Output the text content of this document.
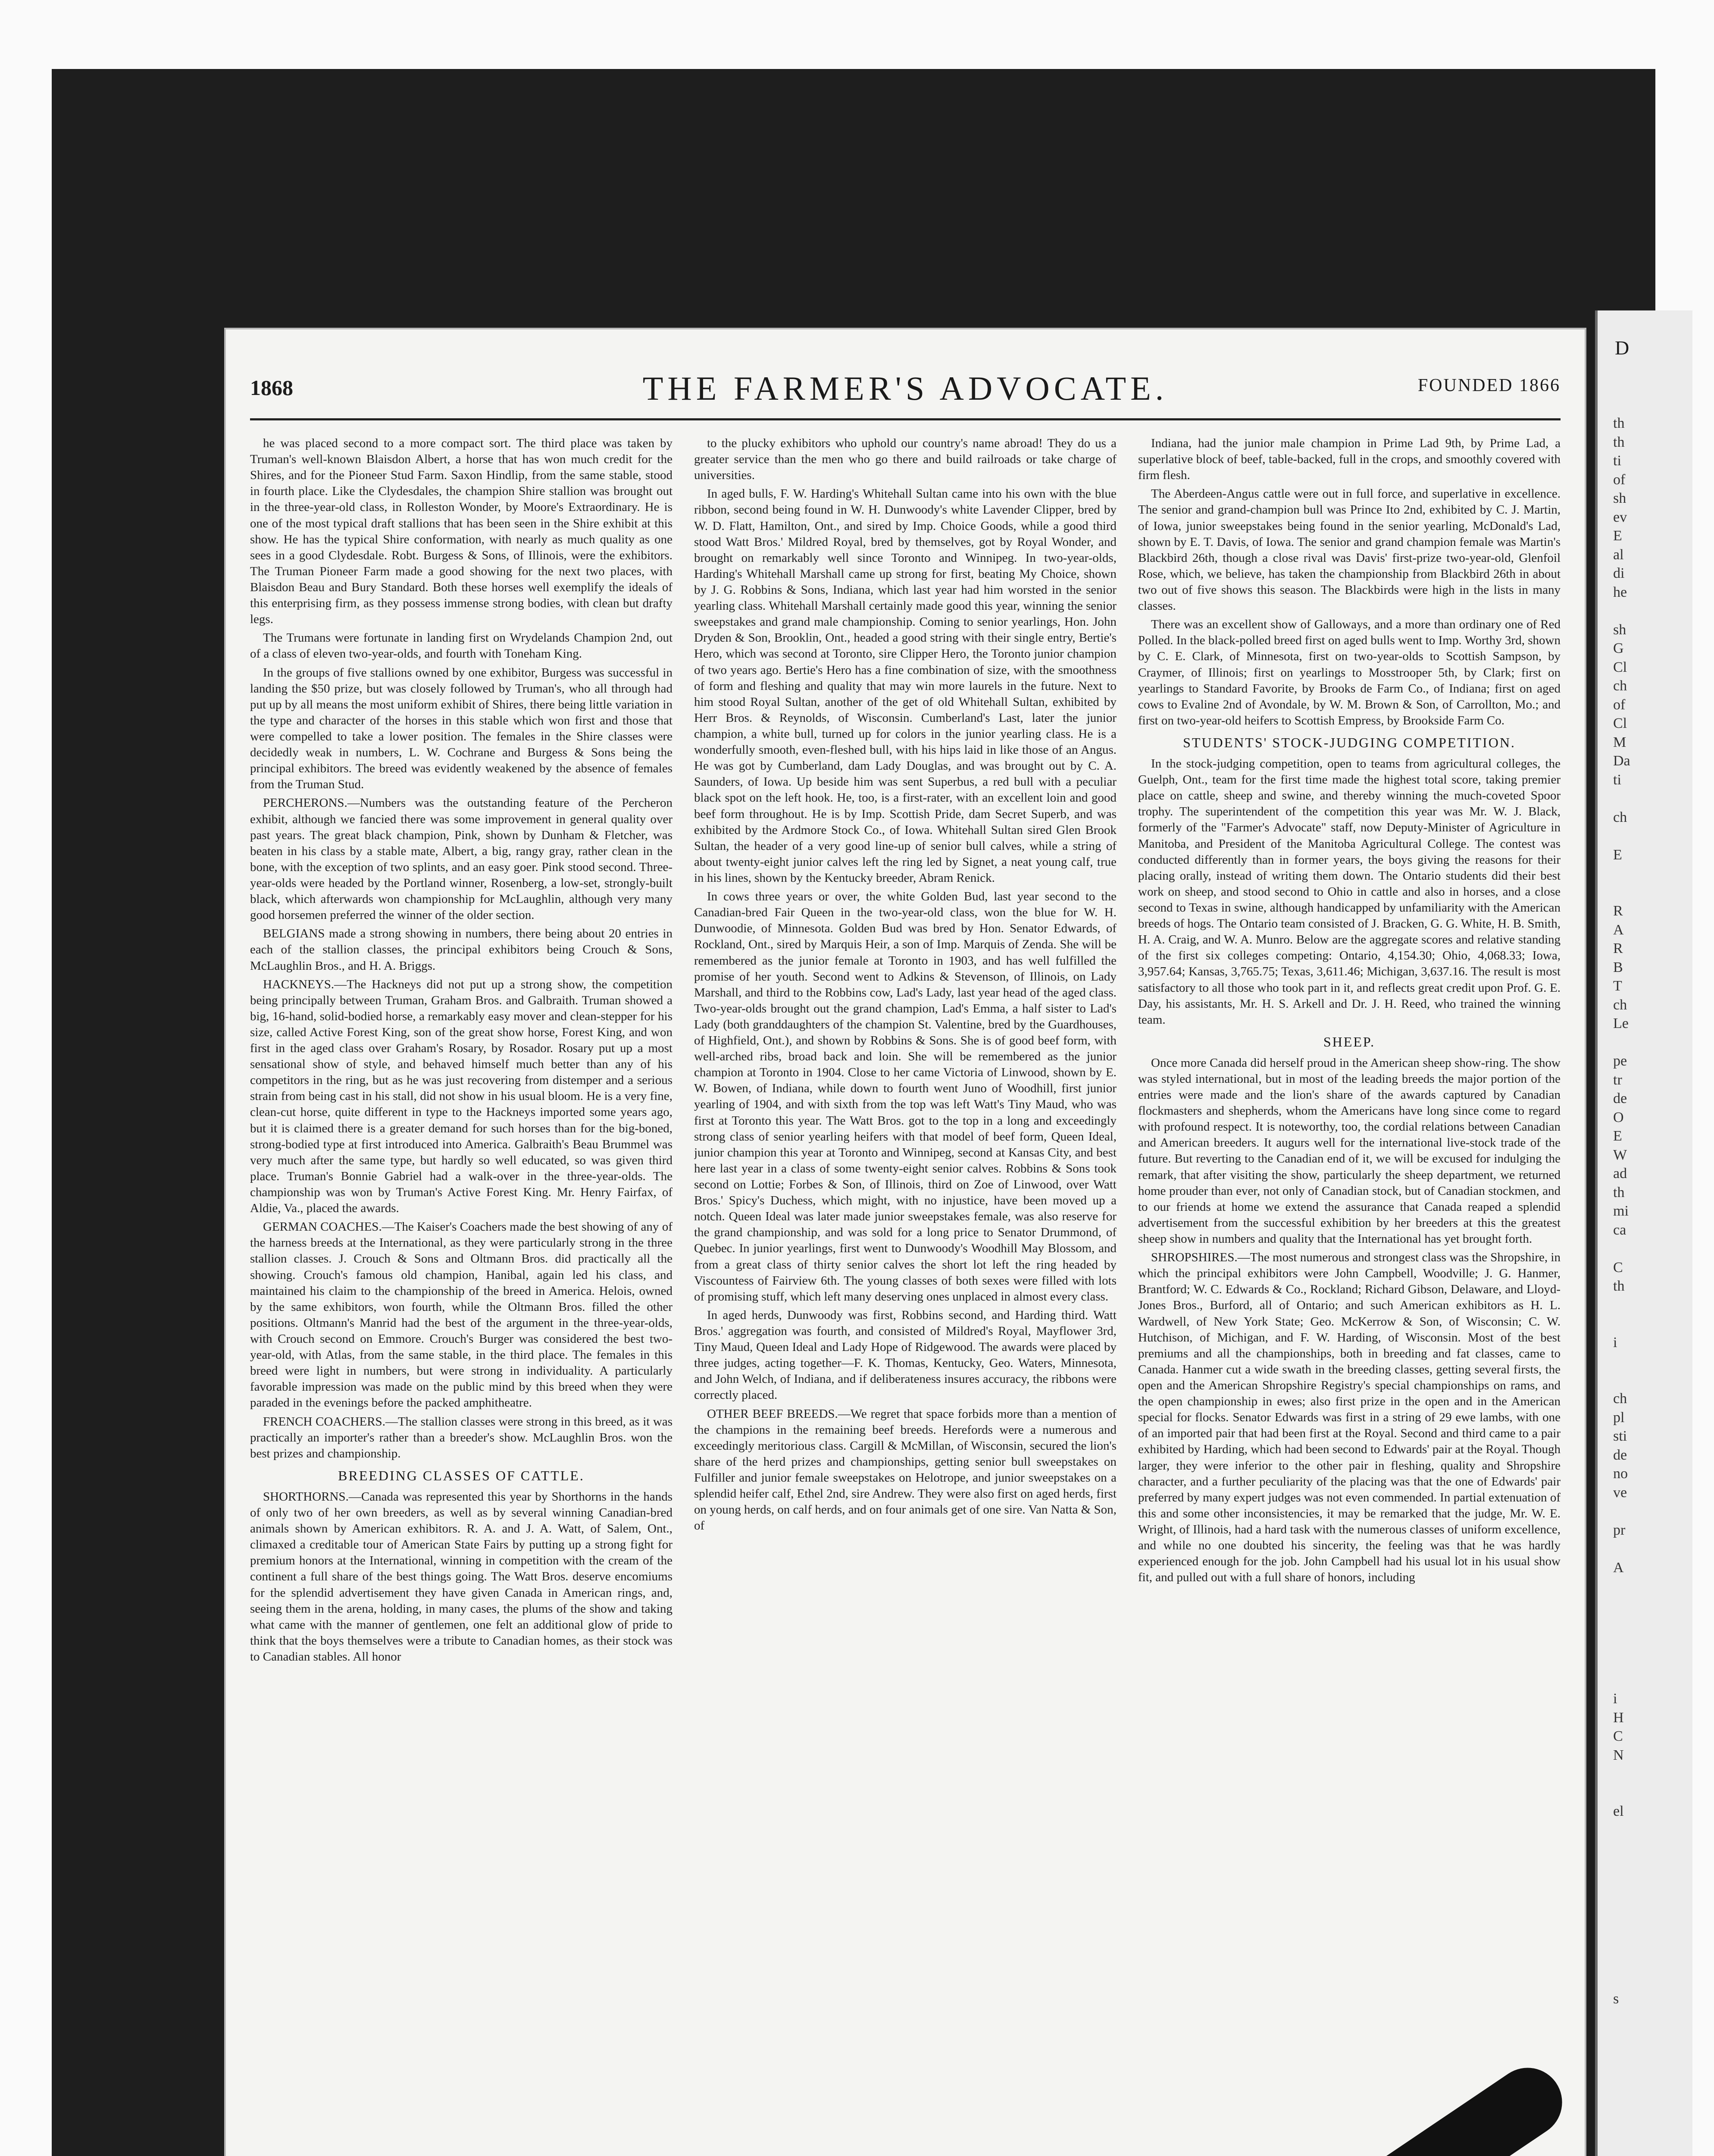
D
th
th
ti
of
sh
ev
E
al
di
he
sh
G
Cl
ch
of
Cl
M
Da
ti
ch
E
R
A
R
B
T
ch
Le
pe
tr
de
O
E
W
ad
th
mi
ca
C
th
i
ch
pl
sti
de
no
ve
pr
A
i
H
C
N
el
s
1868	THE FARMER'S ADVOCATE.	FOUNDED 1866

he was placed second to a more compact sort. The third place was taken by Truman's well-known Blaisdon Albert, a horse that has won much credit for the Shires, and for the Pioneer Stud Farm. Saxon Hindlip, from the same stable, stood in fourth place. Like the Clydesdales, the champion Shire stallion was brought out in the three-year-old class, in Rolleston Wonder, by Moore's Extraordinary. He is one of the most typical draft stallions that has been seen in the Shire exhibit at this show. He has the typical Shire conformation, with nearly as much quality as one sees in a good Clydesdale. Robt. Burgess & Sons, of Illinois, were the exhibitors. The Truman Pioneer Farm made a good showing for the next two places, with Blaisdon Beau and Bury Standard. Both these horses well exemplify the ideals of this enterprising firm, as they possess immense strong bodies, with clean but drafty legs.

The Trumans were fortunate in landing first on Wrydelands Champion 2nd, out of a class of eleven two-year-olds, and fourth with Toneham King.

In the groups of five stallions owned by one exhibitor, Burgess was successful in landing the $50 prize, but was closely followed by Truman's, who all through had put up by all means the most uniform exhibit of Shires, there being little variation in the type and character of the horses in this stable which won first and those that were compelled to take a lower position. The females in the Shire classes were decidedly weak in numbers, L. W. Cochrane and Burgess & Sons being the principal exhibitors. The breed was evidently weakened by the absence of females from the Truman Stud.

PERCHERONS.—Numbers was the outstanding feature of the Percheron exhibit, although we fancied there was some improvement in general quality over past years. The great black champion, Pink, shown by Dunham & Fletcher, was beaten in his class by a stable mate, Albert, a big, rangy gray, rather clean in the bone, with the exception of two splints, and an easy goer. Pink stood second. Three-year-olds were headed by the Portland winner, Rosenberg, a low-set, strongly-built black, which afterwards won championship for McLaughlin, although very many good horsemen preferred the winner of the older section.

BELGIANS made a strong showing in numbers, there being about 20 entries in each of the stallion classes, the principal exhibitors being Crouch & Sons, McLaughlin Bros., and H. A. Briggs.

HACKNEYS.—The Hackneys did not put up a strong show, the competition being principally between Truman, Graham Bros. and Galbraith. Truman showed a big, 16-hand, solid-bodied horse, a remarkably easy mover and clean-stepper for his size, called Active Forest King, son of the great show horse, Forest King, and won first in the aged class over Graham's Rosary, by Rosador. Rosary put up a most sensational show of style, and behaved himself much better than any of his competitors in the ring, but as he was just recovering from distemper and a serious strain from being cast in his stall, did not show in his usual bloom. He is a very fine, clean-cut horse, quite different in type to the Hackneys imported some years ago, but it is claimed there is a greater demand for such horses than for the big-boned, strong-bodied type at first introduced into America. Galbraith's Beau Brummel was very much after the same type, but hardly so well educated, so was given third place. Truman's Bonnie Gabriel had a walk-over in the three-year-olds. The championship was won by Truman's Active Forest King. Mr. Henry Fairfax, of Aldie, Va., placed the awards.

GERMAN COACHES.—The Kaiser's Coachers made the best showing of any of the harness breeds at the International, as they were particularly strong in the three stallion classes. J. Crouch & Sons and Oltmann Bros. did practically all the showing. Crouch's famous old champion, Hanibal, again led his class, and maintained his claim to the championship of the breed in America. Helois, owned by the same exhibitors, won fourth, while the Oltmann Bros. filled the other positions. Oltmann's Manrid had the best of the argument in the three-year-olds, with Crouch second on Emmore. Crouch's Burger was considered the best two-year-old, with Atlas, from the same stable, in the third place. The females in this breed were light in numbers, but were strong in individuality. A particularly favorable impression was made on the public mind by this breed when they were paraded in the evenings before the packed amphitheatre.

FRENCH COACHERS.—The stallion classes were strong in this breed, as it was practically an importer's rather than a breeder's show. McLaughlin Bros. won the best prizes and championship.

BREEDING CLASSES OF CATTLE.

SHORTHORNS.—Canada was represented this year by Shorthorns in the hands of only two of her own breeders, as well as by several winning Canadian-bred animals shown by American exhibitors. R. A. and J. A. Watt, of Salem, Ont., climaxed a creditable tour of American State Fairs by putting up a strong fight for premium honors at the International, winning in competition with the cream of the continent a full share of the best things going. The Watt Bros. deserve encomiums for the splendid advertisement they have given Canada in American rings, and, seeing them in the arena, holding, in many cases, the plums of the show and taking what came with the manner of gentlemen, one felt an additional glow of pride to think that the boys themselves were a tribute to Canadian homes, as their stock was to Canadian stables. All honor

to the plucky exhibitors who uphold our country's name abroad! They do us a greater service than the men who go there and build railroads or take charge of universities.

In aged bulls, F. W. Harding's Whitehall Sultan came into his own with the blue ribbon, second being found in W. H. Dunwoody's white Lavender Clipper, bred by W. D. Flatt, Hamilton, Ont., and sired by Imp. Choice Goods, while a good third stood Watt Bros.' Mildred Royal, bred by themselves, got by Royal Wonder, and brought on remarkably well since Toronto and Winnipeg. In two-year-olds, Harding's Whitehall Marshall came up strong for first, beating My Choice, shown by J. G. Robbins & Sons, Indiana, which last year had him worsted in the senior yearling class. Whitehall Marshall certainly made good this year, winning the senior sweepstakes and grand male championship. Coming to senior yearlings, Hon. John Dryden & Son, Brooklin, Ont., headed a good string with their single entry, Bertie's Hero, which was second at Toronto, sire Clipper Hero, the Toronto junior champion of two years ago. Bertie's Hero has a fine combination of size, with the smoothness of form and fleshing and quality that may win more laurels in the future. Next to him stood Royal Sultan, another of the get of old Whitehall Sultan, exhibited by Herr Bros. & Reynolds, of Wisconsin. Cumberland's Last, later the junior champion, a white bull, turned up for colors in the junior yearling class. He is a wonderfully smooth, even-fleshed bull, with his hips laid in like those of an Angus. He was got by Cumberland, dam Lady Douglas, and was brought out by C. A. Saunders, of Iowa. Up beside him was sent Superbus, a red bull with a peculiar black spot on the left hook. He, too, is a first-rater, with an excellent loin and good beef form throughout. He is by Imp. Scottish Pride, dam Secret Superb, and was exhibited by the Ardmore Stock Co., of Iowa. Whitehall Sultan sired Glen Brook Sultan, the header of a very good line-up of senior bull calves, while a string of about twenty-eight junior calves left the ring led by Signet, a neat young calf, true in his lines, shown by the Kentucky breeder, Abram Renick.

In cows three years or over, the white Golden Bud, last year second to the Canadian-bred Fair Queen in the two-year-old class, won the blue for W. H. Dunwoodie, of Minnesota. Golden Bud was bred by Hon. Senator Edwards, of Rockland, Ont., sired by Marquis Heir, a son of Imp. Marquis of Zenda. She will be remembered as the junior female at Toronto in 1903, and has well fulfilled the promise of her youth. Second went to Adkins & Stevenson, of Illinois, on Lady Marshall, and third to the Robbins cow, Lad's Lady, last year head of the aged class. Two-year-olds brought out the grand champion, Lad's Emma, a half sister to Lad's Lady (both granddaughters of the champion St. Valentine, bred by the Guardhouses, of Highfield, Ont.), and shown by Robbins & Sons. She is of good beef form, with well-arched ribs, broad back and loin. She will be remembered as the junior champion at Toronto in 1904. Close to her came Victoria of Linwood, shown by E. W. Bowen, of Indiana, while down to fourth went Juno of Woodhill, first junior yearling of 1904, and with sixth from the top was left Watt's Tiny Maud, who was first at Toronto this year. The Watt Bros. got to the top in a long and exceedingly strong class of senior yearling heifers with that model of beef form, Queen Ideal, junior champion this year at Toronto and Winnipeg, second at Kansas City, and best here last year in a class of some twenty-eight senior calves. Robbins & Sons took second on Lottie; Forbes & Son, of Illinois, third on Zoe of Linwood, over Watt Bros.' Spicy's Duchess, which might, with no injustice, have been moved up a notch. Queen Ideal was later made junior sweepstakes female, was also reserve for the grand championship, and was sold for a long price to Senator Drummond, of Quebec. In junior yearlings, first went to Dunwoody's Woodhill May Blossom, and from a great class of thirty senior calves the short lot left the ring headed by Viscountess of Fairview 6th. The young classes of both sexes were filled with lots of promising stuff, which left many deserving ones unplaced in almost every class.

In aged herds, Dunwoody was first, Robbins second, and Harding third. Watt Bros.' aggregation was fourth, and consisted of Mildred's Royal, Mayflower 3rd, Tiny Maud, Queen Ideal and Lady Hope of Ridgewood. The awards were placed by three judges, acting together—F. K. Thomas, Kentucky, Geo. Waters, Minnesota, and John Welch, of Indiana, and if deliberateness insures accuracy, the ribbons were correctly placed.

OTHER BEEF BREEDS.—We regret that space forbids more than a mention of the champions in the remaining beef breeds. Herefords were a numerous and exceedingly meritorious class. Cargill & McMillan, of Wisconsin, secured the lion's share of the herd prizes and championships, getting senior bull sweepstakes on Fulfiller and junior female sweepstakes on Helotrope, and junior sweepstakes on a splendid heifer calf, Ethel 2nd, sire Andrew. They were also first on aged herds, first on young herds, on calf herds, and on four animals get of one sire. Van Natta & Son, of

Indiana, had the junior male champion in Prime Lad 9th, by Prime Lad, a superlative block of beef, table-backed, full in the crops, and smoothly covered with firm flesh.

The Aberdeen-Angus cattle were out in full force, and superlative in excellence. The senior and grand-champion bull was Prince Ito 2nd, exhibited by C. J. Martin, of Iowa, junior sweepstakes being found in the senior yearling, McDonald's Lad, shown by E. T. Davis, of Iowa. The senior and grand champion female was Martin's Blackbird 26th, though a close rival was Davis' first-prize two-year-old, Glenfoil Rose, which, we believe, has taken the championship from Blackbird 26th in about two out of five shows this season. The Blackbirds were high in the lists in many classes.

There was an excellent show of Galloways, and a more than ordinary one of Red Polled. In the black-polled breed first on aged bulls went to Imp. Worthy 3rd, shown by C. E. Clark, of Minnesota, first on two-year-olds to Scottish Sampson, by Craymer, of Illinois; first on yearlings to Mosstrooper 5th, by Clark; first on yearlings to Standard Favorite, by Brooks de Farm Co., of Indiana; first on aged cows to Evaline 2nd of Avondale, by W. M. Brown & Son, of Carrollton, Mo.; and first on two-year-old heifers to Scottish Empress, by Brookside Farm Co.

STUDENTS' STOCK-JUDGING COMPETITION.

In the stock-judging competition, open to teams from agricultural colleges, the Guelph, Ont., team for the first time made the highest total score, taking premier place on cattle, sheep and swine, and thereby winning the much-coveted Spoor trophy. The superintendent of the competition this year was Mr. W. J. Black, formerly of the "Farmer's Advocate" staff, now Deputy-Minister of Agriculture in Manitoba, and President of the Manitoba Agricultural College. The contest was conducted differently than in former years, the boys giving the reasons for their placing orally, instead of writing them down. The Ontario students did their best work on sheep, and stood second to Ohio in cattle and also in horses, and a close second to Texas in swine, although handicapped by unfamiliarity with the American breeds of hogs. The Ontario team consisted of J. Bracken, G. G. White, H. B. Smith, H. A. Craig, and W. A. Munro. Below are the aggregate scores and relative standing of the first six colleges competing: Ontario, 4,154.30; Ohio, 4,068.33; Iowa, 3,957.64; Kansas, 3,765.75; Texas, 3,611.46; Michigan, 3,637.16. The result is most satisfactory to all those who took part in it, and reflects great credit upon Prof. G. E. Day, his assistants, Mr. H. S. Arkell and Dr. J. H. Reed, who trained the winning team.

SHEEP.

Once more Canada did herself proud in the American sheep show-ring. The show was styled international, but in most of the leading breeds the major portion of the entries were made and the lion's share of the awards captured by Canadian flockmasters and shepherds, whom the Americans have long since come to regard with profound respect. It is noteworthy, too, the cordial relations between Canadian and American breeders. It augurs well for the international live-stock trade of the future. But reverting to the Canadian end of it, we will be excused for indulging the remark, that after visiting the show, particularly the sheep department, we returned home prouder than ever, not only of Canadian stock, but of Canadian stockmen, and to our friends at home we extend the assurance that Canada reaped a splendid advertisement from the successful exhibition by her breeders at this the greatest sheep show in numbers and quality that the International has yet brought forth.

SHROPSHIRES.—The most numerous and strongest class was the Shropshire, in which the principal exhibitors were John Campbell, Woodville; J. G. Hanmer, Brantford; W. C. Edwards & Co., Rockland; Richard Gibson, Delaware, and Lloyd-Jones Bros., Burford, all of Ontario; and such American exhibitors as H. L. Wardwell, of New York State; Geo. McKerrow & Son, of Wisconsin; C. W. Hutchison, of Michigan, and F. W. Harding, of Wisconsin. Most of the best premiums and all the championships, both in breeding and fat classes, came to Canada. Hanmer cut a wide swath in the breeding classes, getting several firsts, the open and the American Shropshire Registry's special championships on rams, and the open championship in ewes; also first prize in the open and in the American special for flocks. Senator Edwards was first in a string of 29 ewe lambs, with one of an imported pair that had been first at the Royal. Second and third came to a pair exhibited by Harding, which had been second to Edwards' pair at the Royal. Though larger, they were inferior to the other pair in fleshing, quality and Shropshire character, and a further peculiarity of the placing was that the one of Edwards' pair preferred by many expert judges was not even commended. In partial extenuation of this and some other inconsistencies, it may be remarked that the judge, Mr. W. E. Wright, of Illinois, had a hard task with the numerous classes of uniform excellence, and while no one doubted his sincerity, the feeling was that he was hardly experienced enough for the job. John Campbell had his usual lot in his usual show fit, and pulled out with a full share of honors, including
